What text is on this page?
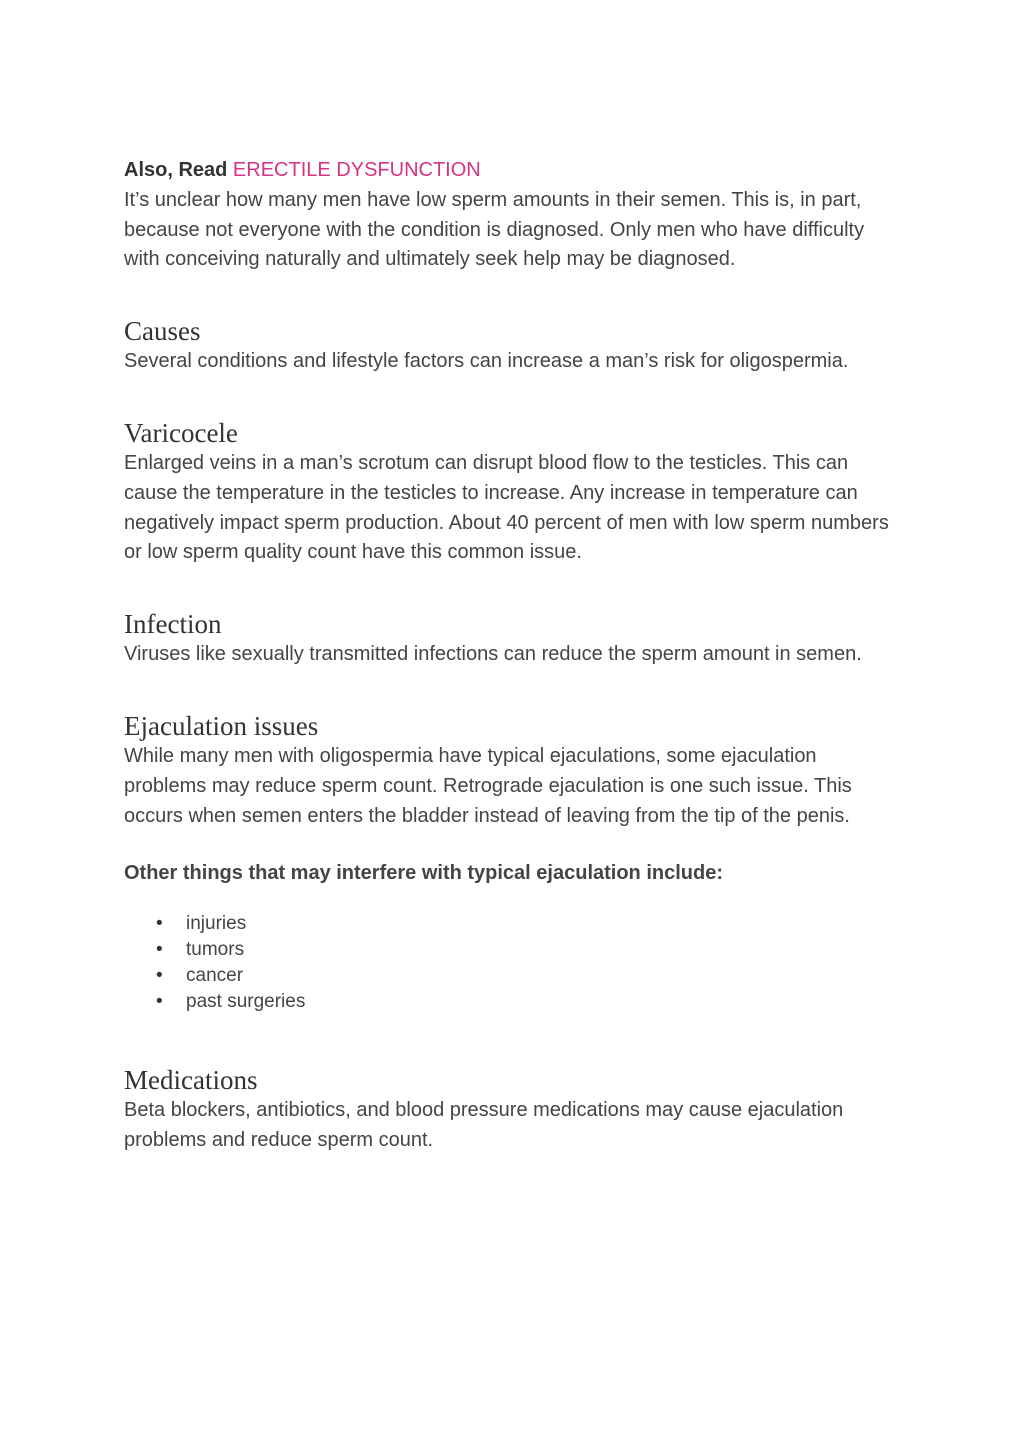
Also, Read ERECTILE DYSFUNCTION

It’s unclear how many men have low sperm amounts in their semen. This is, in part, because not everyone with the condition is diagnosed. Only men who have difficulty with conceiving naturally and ultimately seek help may be diagnosed.

Causes

Several conditions and lifestyle factors can increase a man’s risk for oligospermia.

Varicocele

Enlarged veins in a man’s scrotum can disrupt blood flow to the testicles. This can cause the temperature in the testicles to increase. Any increase in temperature can negatively impact sperm production. About 40 percent of men with low sperm numbers or low sperm quality count have this common issue.

Infection

Viruses like sexually transmitted infections can reduce the sperm amount in semen.

Ejaculation issues

While many men with oligospermia have typical ejaculations, some ejaculation problems may reduce sperm count. Retrograde ejaculation is one such issue. This occurs when semen enters the bladder instead of leaving from the tip of the penis.

Other things that may interfere with typical ejaculation include:

• injuries
• tumors
• cancer
• past surgeries
Medications

Beta blockers, antibiotics, and blood pressure medications may cause ejaculation problems and reduce sperm count.
